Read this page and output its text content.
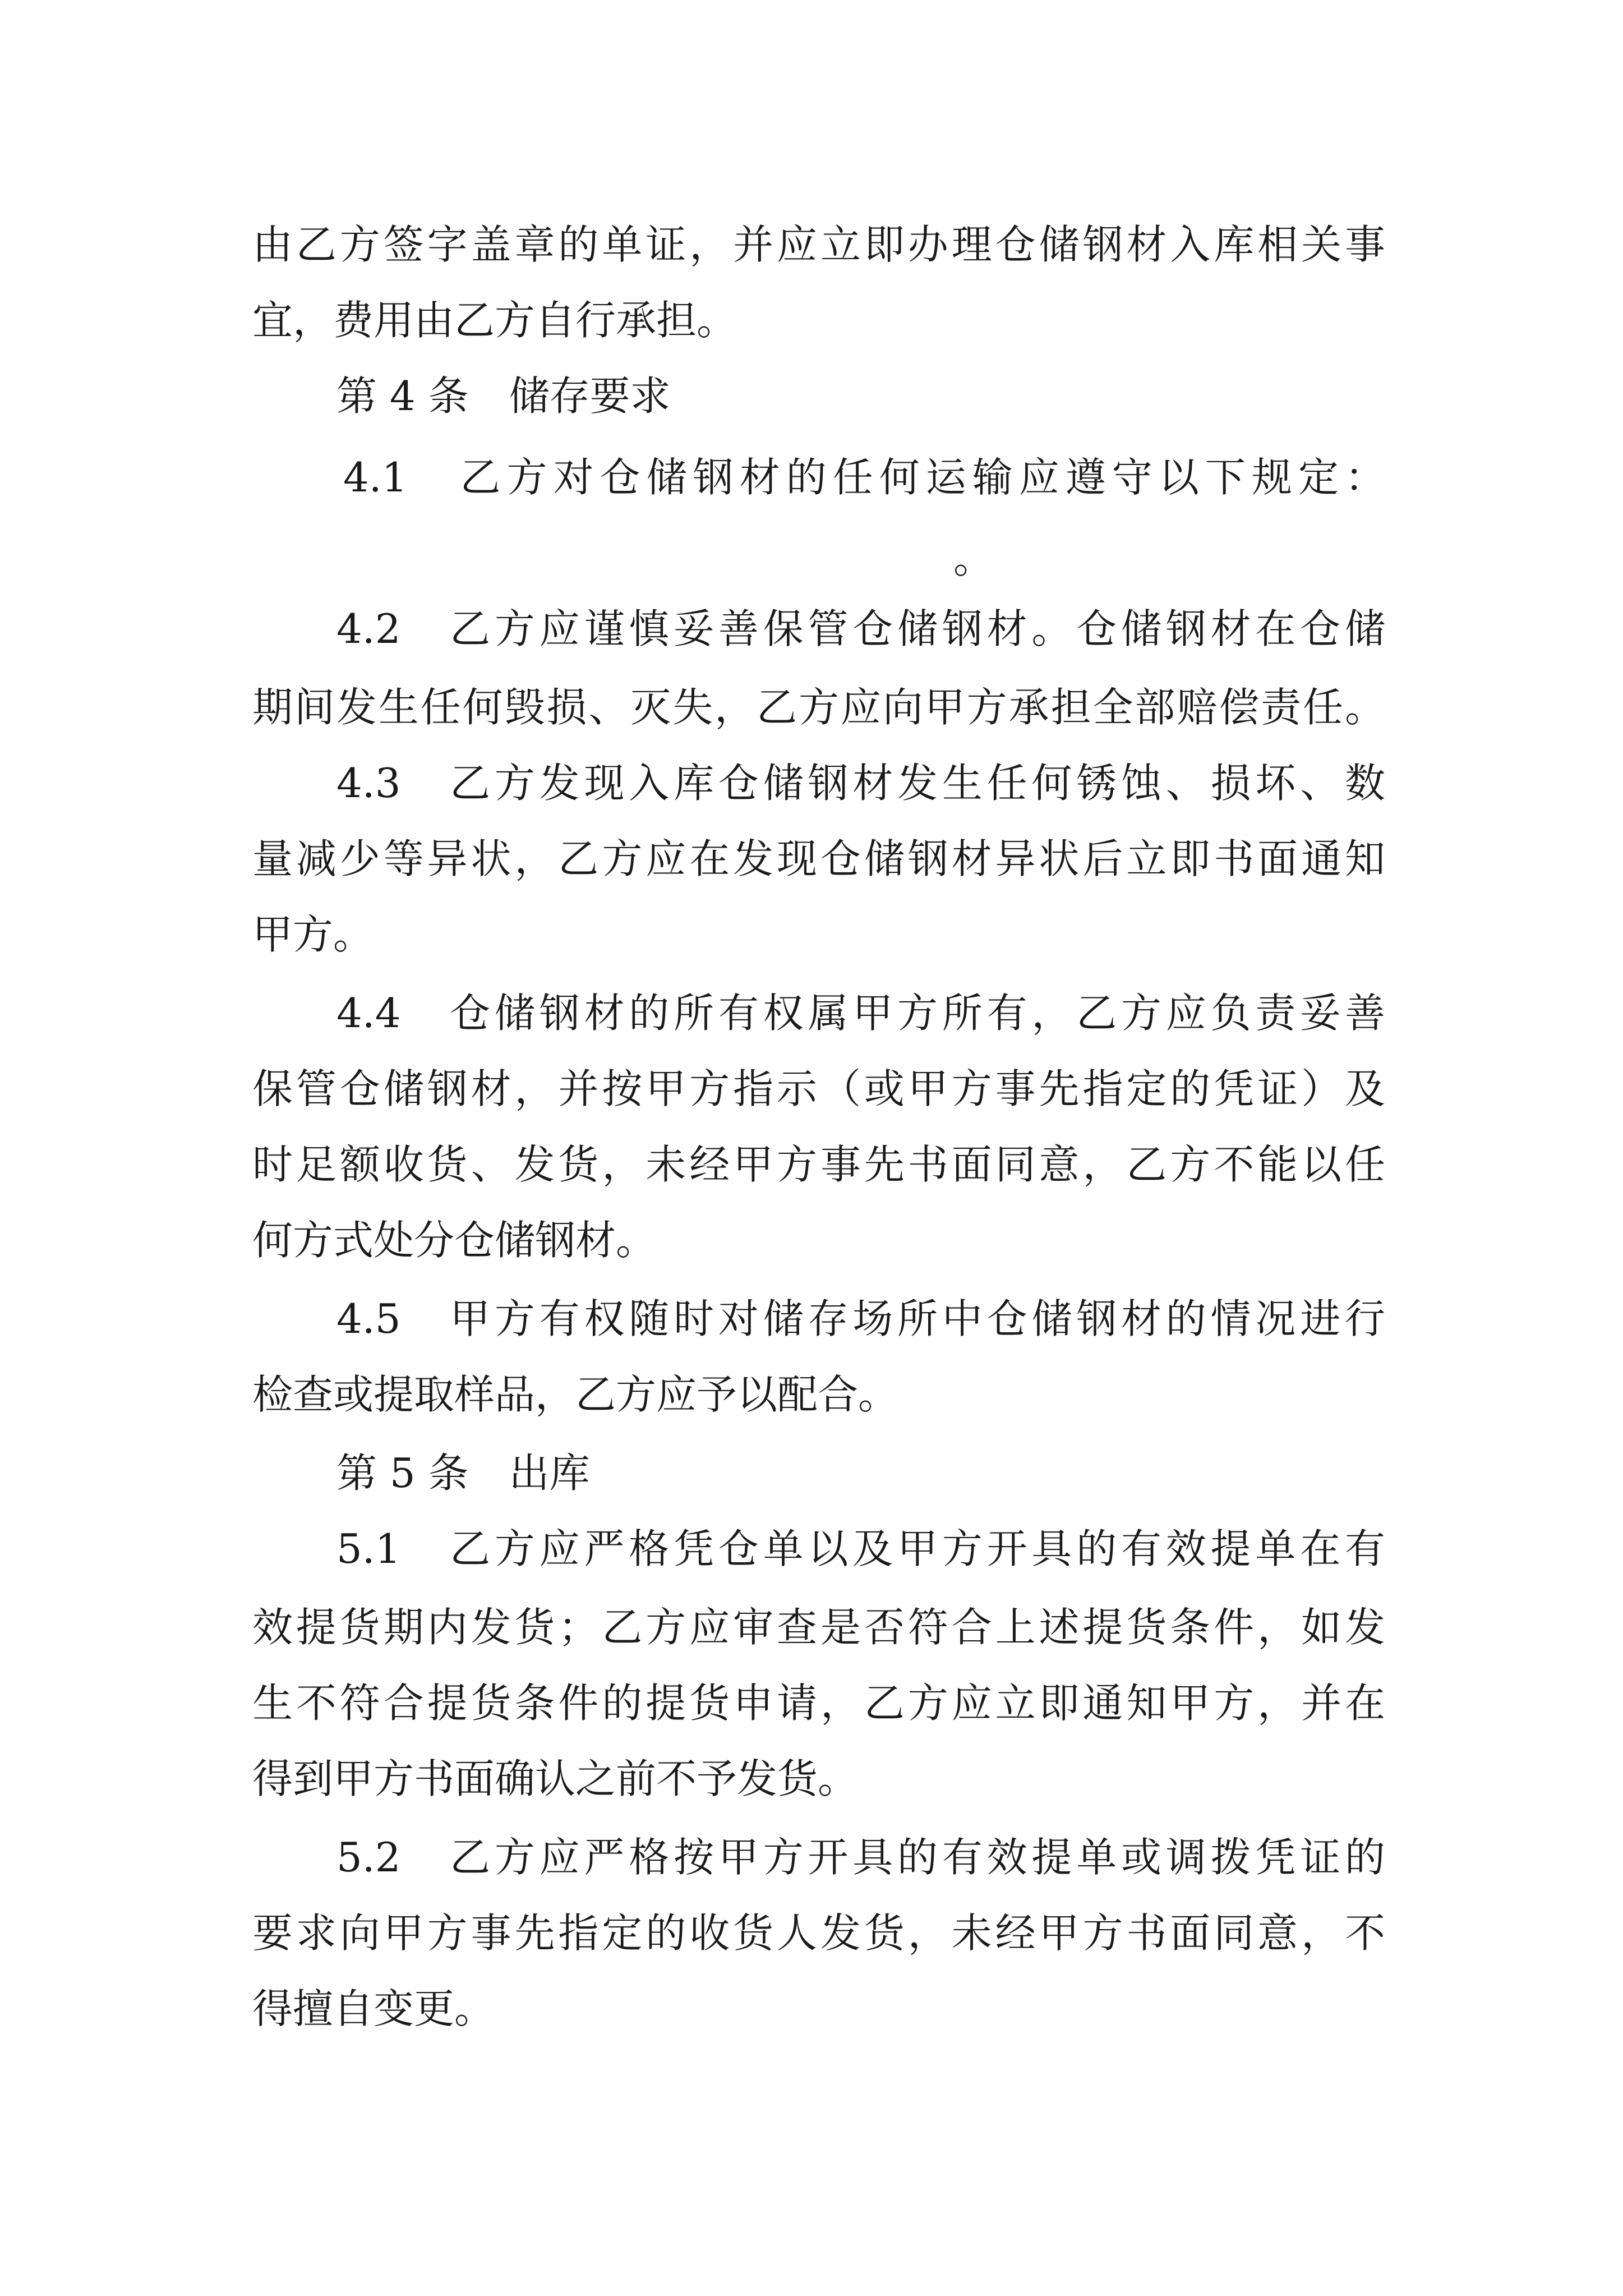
由乙方签字盖章的单证，并应立即办理仓储钢材入库相关事
宜，费用由乙方自行承担。
第 4 条　储存要求
4.1　乙方对仓储钢材的任何运输应遵守以下规定：
。
4.2　乙方应谨慎妥善保管仓储钢材。仓储钢材在仓储
期间发生任何毁损、灭失，乙方应向甲方承担全部赔偿责任。
4.3　乙方发现入库仓储钢材发生任何锈蚀、损坏、数
量减少等异状，乙方应在发现仓储钢材异状后立即书面通知
甲方。
4.4　仓储钢材的所有权属甲方所有，乙方应负责妥善
保管仓储钢材，并按甲方指示（或甲方事先指定的凭证）及
时足额收货、发货，未经甲方事先书面同意，乙方不能以任
何方式处分仓储钢材。
4.5　甲方有权随时对储存场所中仓储钢材的情况进行
检查或提取样品，乙方应予以配合。
第 5 条　出库
5.1　乙方应严格凭仓单以及甲方开具的有效提单在有
效提货期内发货；乙方应审查是否符合上述提货条件，如发
生不符合提货条件的提货申请，乙方应立即通知甲方，并在
得到甲方书面确认之前不予发货。
5.2　乙方应严格按甲方开具的有效提单或调拨凭证的
要求向甲方事先指定的收货人发货，未经甲方书面同意，不
得擅自变更。
